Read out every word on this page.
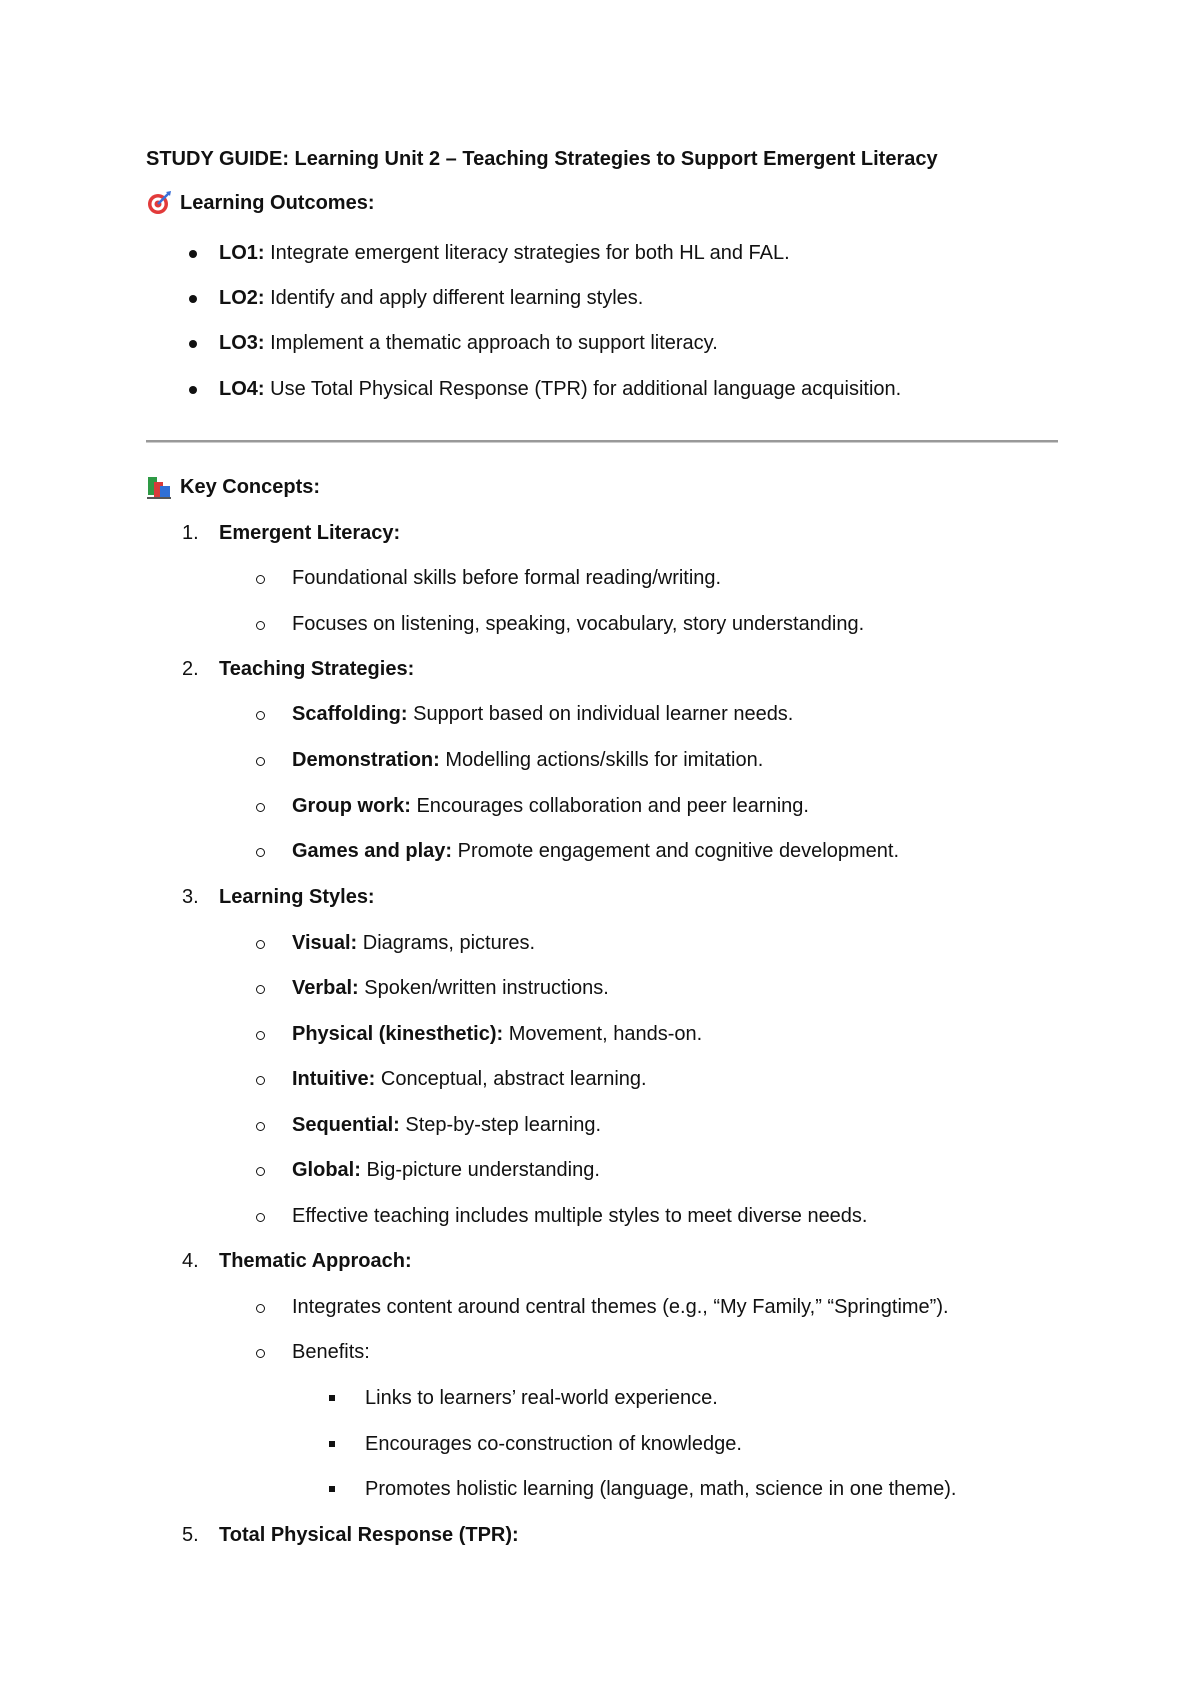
STUDY GUIDE: Learning Unit 2 – Teaching Strategies to Support Emergent Literacy
Learning Outcomes:
LO1: Integrate emergent literacy strategies for both HL and FAL.
LO2: Identify and apply different learning styles.
LO3: Implement a thematic approach to support literacy.
LO4: Use Total Physical Response (TPR) for additional language acquisition.
Key Concepts:
1. Emergent Literacy:
Foundational skills before formal reading/writing.
Focuses on listening, speaking, vocabulary, story understanding.
2. Teaching Strategies:
Scaffolding: Support based on individual learner needs.
Demonstration: Modelling actions/skills for imitation.
Group work: Encourages collaboration and peer learning.
Games and play: Promote engagement and cognitive development.
3. Learning Styles:
Visual: Diagrams, pictures.
Verbal: Spoken/written instructions.
Physical (kinesthetic): Movement, hands-on.
Intuitive: Conceptual, abstract learning.
Sequential: Step-by-step learning.
Global: Big-picture understanding.
Effective teaching includes multiple styles to meet diverse needs.
4. Thematic Approach:
Integrates content around central themes (e.g., “My Family,” “Springtime”).
Benefits:
Links to learners’ real-world experience.
Encourages co-construction of knowledge.
Promotes holistic learning (language, math, science in one theme).
5. Total Physical Response (TPR):
